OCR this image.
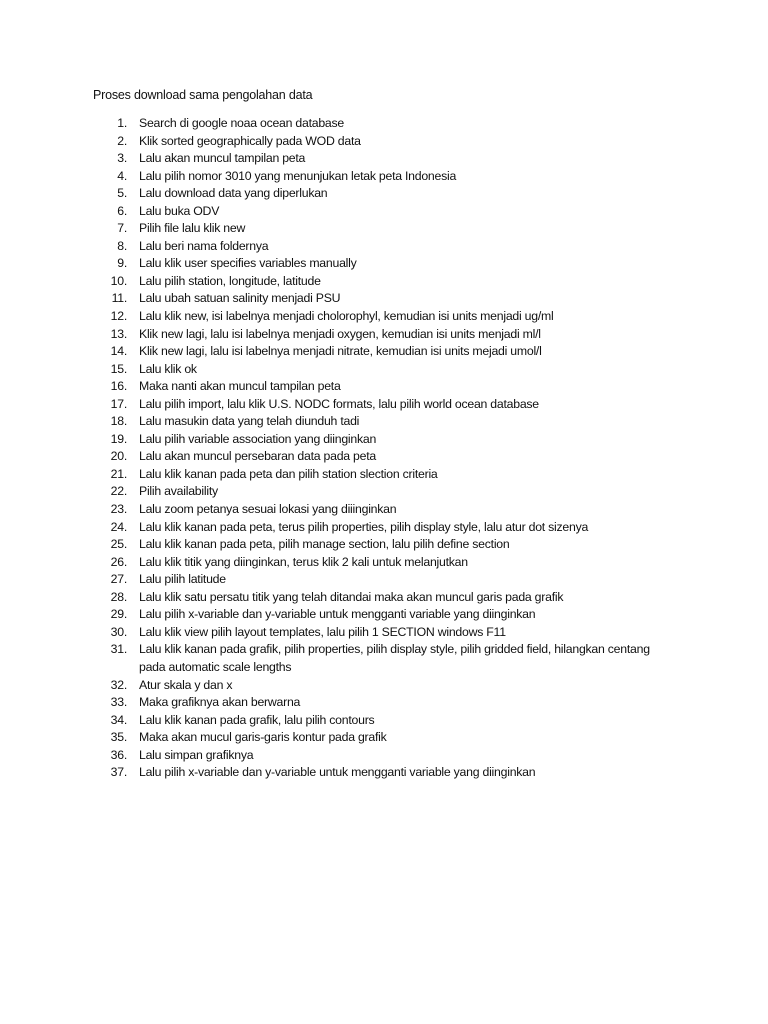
Proses download sama pengolahan data
1. Search di google noaa ocean database
2. Klik sorted geographically pada WOD data
3. Lalu akan muncul tampilan peta
4. Lalu pilih nomor 3010 yang menunjukan letak peta Indonesia
5. Lalu download data yang diperlukan
6. Lalu buka ODV
7. Pilih file lalu klik new
8. Lalu beri nama foldernya
9. Lalu klik user specifies variables manually
10. Lalu pilih station, longitude, latitude
11. Lalu ubah satuan salinity menjadi PSU
12. Lalu klik new, isi labelnya menjadi cholorophyl, kemudian isi units menjadi ug/ml
13. Klik new lagi, lalu isi labelnya menjadi oxygen, kemudian isi units menjadi ml/l
14. Klik new lagi, lalu isi labelnya menjadi nitrate, kemudian isi units mejadi umol/l
15. Lalu klik ok
16. Maka nanti akan muncul tampilan peta
17. Lalu pilih import, lalu klik U.S. NODC formats, lalu pilih world ocean database
18. Lalu masukin data yang telah diunduh tadi
19. Lalu pilih variable association yang diinginkan
20. Lalu akan muncul persebaran data pada peta
21. Lalu klik kanan pada peta dan pilih station slection criteria
22. Pilih availability
23. Lalu zoom petanya sesuai lokasi yang diiinginkan
24. Lalu klik kanan pada peta, terus pilih properties, pilih display style, lalu atur dot sizenya
25. Lalu klik kanan pada peta, pilih manage section, lalu pilih define section
26. Lalu klik titik yang diinginkan, terus klik 2 kali untuk melanjutkan
27. Lalu pilih latitude
28. Lalu klik satu persatu titik yang telah ditandai maka akan muncul garis pada grafik
29. Lalu pilih x-variable dan y-variable untuk mengganti variable yang diinginkan
30. Lalu klik view pilih layout templates, lalu pilih 1 SECTION windows F11
31. Lalu klik kanan pada grafik, pilih properties, pilih display style, pilih gridded field, hilangkan centang pada automatic scale lengths
32. Atur skala y dan x
33. Maka grafiknya akan berwarna
34. Lalu klik kanan pada grafik, lalu pilih contours
35. Maka akan mucul garis-garis kontur pada grafik
36. Lalu simpan grafiknya
37. Lalu pilih x-variable dan y-variable untuk mengganti variable yang diinginkan
